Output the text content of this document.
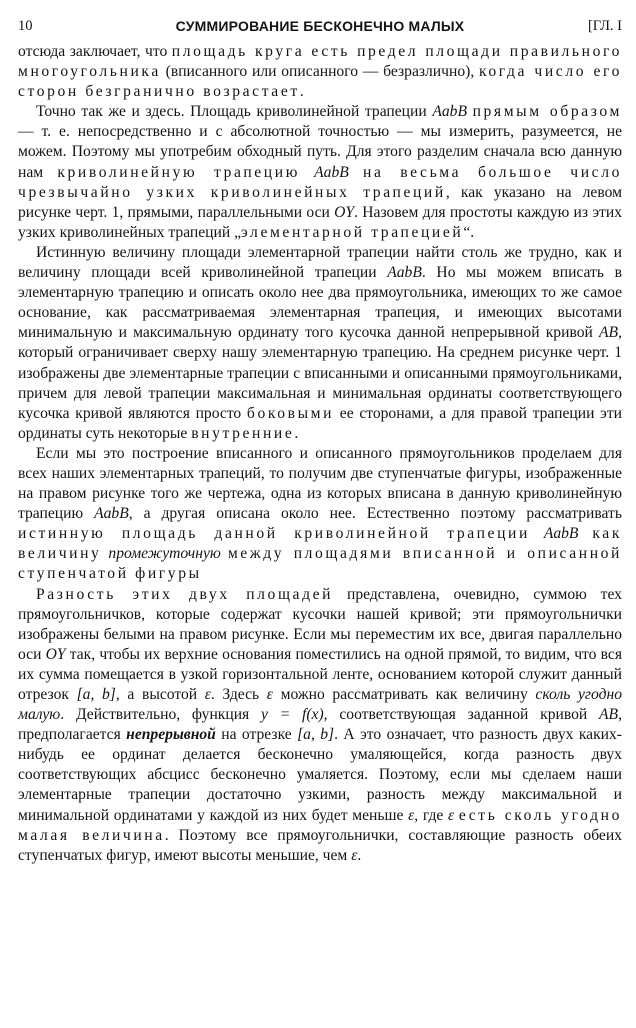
10	СУММИРОВАНИЕ БЕСКОНЕЧНО МАЛЫХ	[ГЛ. I

отсюда заключает, что площадь круга есть предел площади правильного многоугольника (вписанного или описанного — безразлично), когда число его сторон безгранично возрастает.

Точно так же и здесь. Площадь криволинейной трапеции AabB прямым образом — т. е. непосредственно и с абсолютной точностью — мы измерить, разумеется, не можем. Поэтому мы употребим обходный путь. Для этого разделим сначала всю данную нам криволинейную трапецию AabB на весьма большое число чрезвычайно узких криволинейных трапеций, как указано на левом рисунке черт. 1, прямыми, параллельными оси OY. Назовем для простоты каждую из этих узких криволинейных трапеций „элементарной трапецией“.

Истинную величину площади элементарной трапеции найти столь же трудно, как и величину площади всей криволинейной трапеции AabB. Но мы можем вписать в элементарную трапецию и описать около нее два прямоугольника, имеющих то же самое основание, как рассматриваемая элементарная трапеция, и имеющих высотами минимальную и максимальную ординату того кусочка данной непрерывной кривой AB, который ограничивает сверху нашу элементарную трапецию. На среднем рисунке черт. 1 изображены две элементарные трапеции с вписанными и описанными прямоугольниками, причем для левой трапеции максимальная и минимальная ординаты соответствующего кусочка кривой являются просто боковыми ее сторонами, а для правой трапеции эти ординаты суть некоторые внутренние.

Если мы это построение вписанного и описанного прямоугольников проделаем для всех наших элементарных трапеций, то получим две ступенчатые фигуры, изображенные на правом рисунке того же чертежа, одна из которых вписана в данную криволинейную трапецию AabB, а другая описана около нее. Естественно поэтому рассматривать истинную площадь данной криволинейной трапеции AabB как величину промежуточную между площадями вписанной и описанной ступенчатой фигуры

Разность этих двух площадей представлена, очевидно, суммою тех прямоугольничков, которые содержат кусочки нашей кривой; эти прямоугольнички изображены белыми на правом рисунке. Если мы переместим их все, двигая параллельно оси OY так, чтобы их верхние основания поместились на одной прямой, то видим, что вся их сумма помещается в узкой горизонтальной ленте, основанием которой служит данный отрезок [a, b], а высотой ε. Здесь ε можно рассматривать как величину сколь угодно малую. Действительно, функция y = f(x), соответствующая заданной кривой AB, предполагается непрерывной на отрезке [a, b]. А это означает, что разность двух каких-нибудь ее ординат делается бесконечно умаляющейся, когда разность двух соответствующих абсцисс бесконечно умаляется. Поэтому, если мы сделаем наши элементарные трапеции достаточно узкими, разность между максимальной и минимальной ординатами у каждой из них будет меньше ε, где ε есть сколь угодно малая величина. Поэтому все прямоугольнички, составляющие разность обеих ступенчатых фигур, имеют высоты меньшие, чем ε.
